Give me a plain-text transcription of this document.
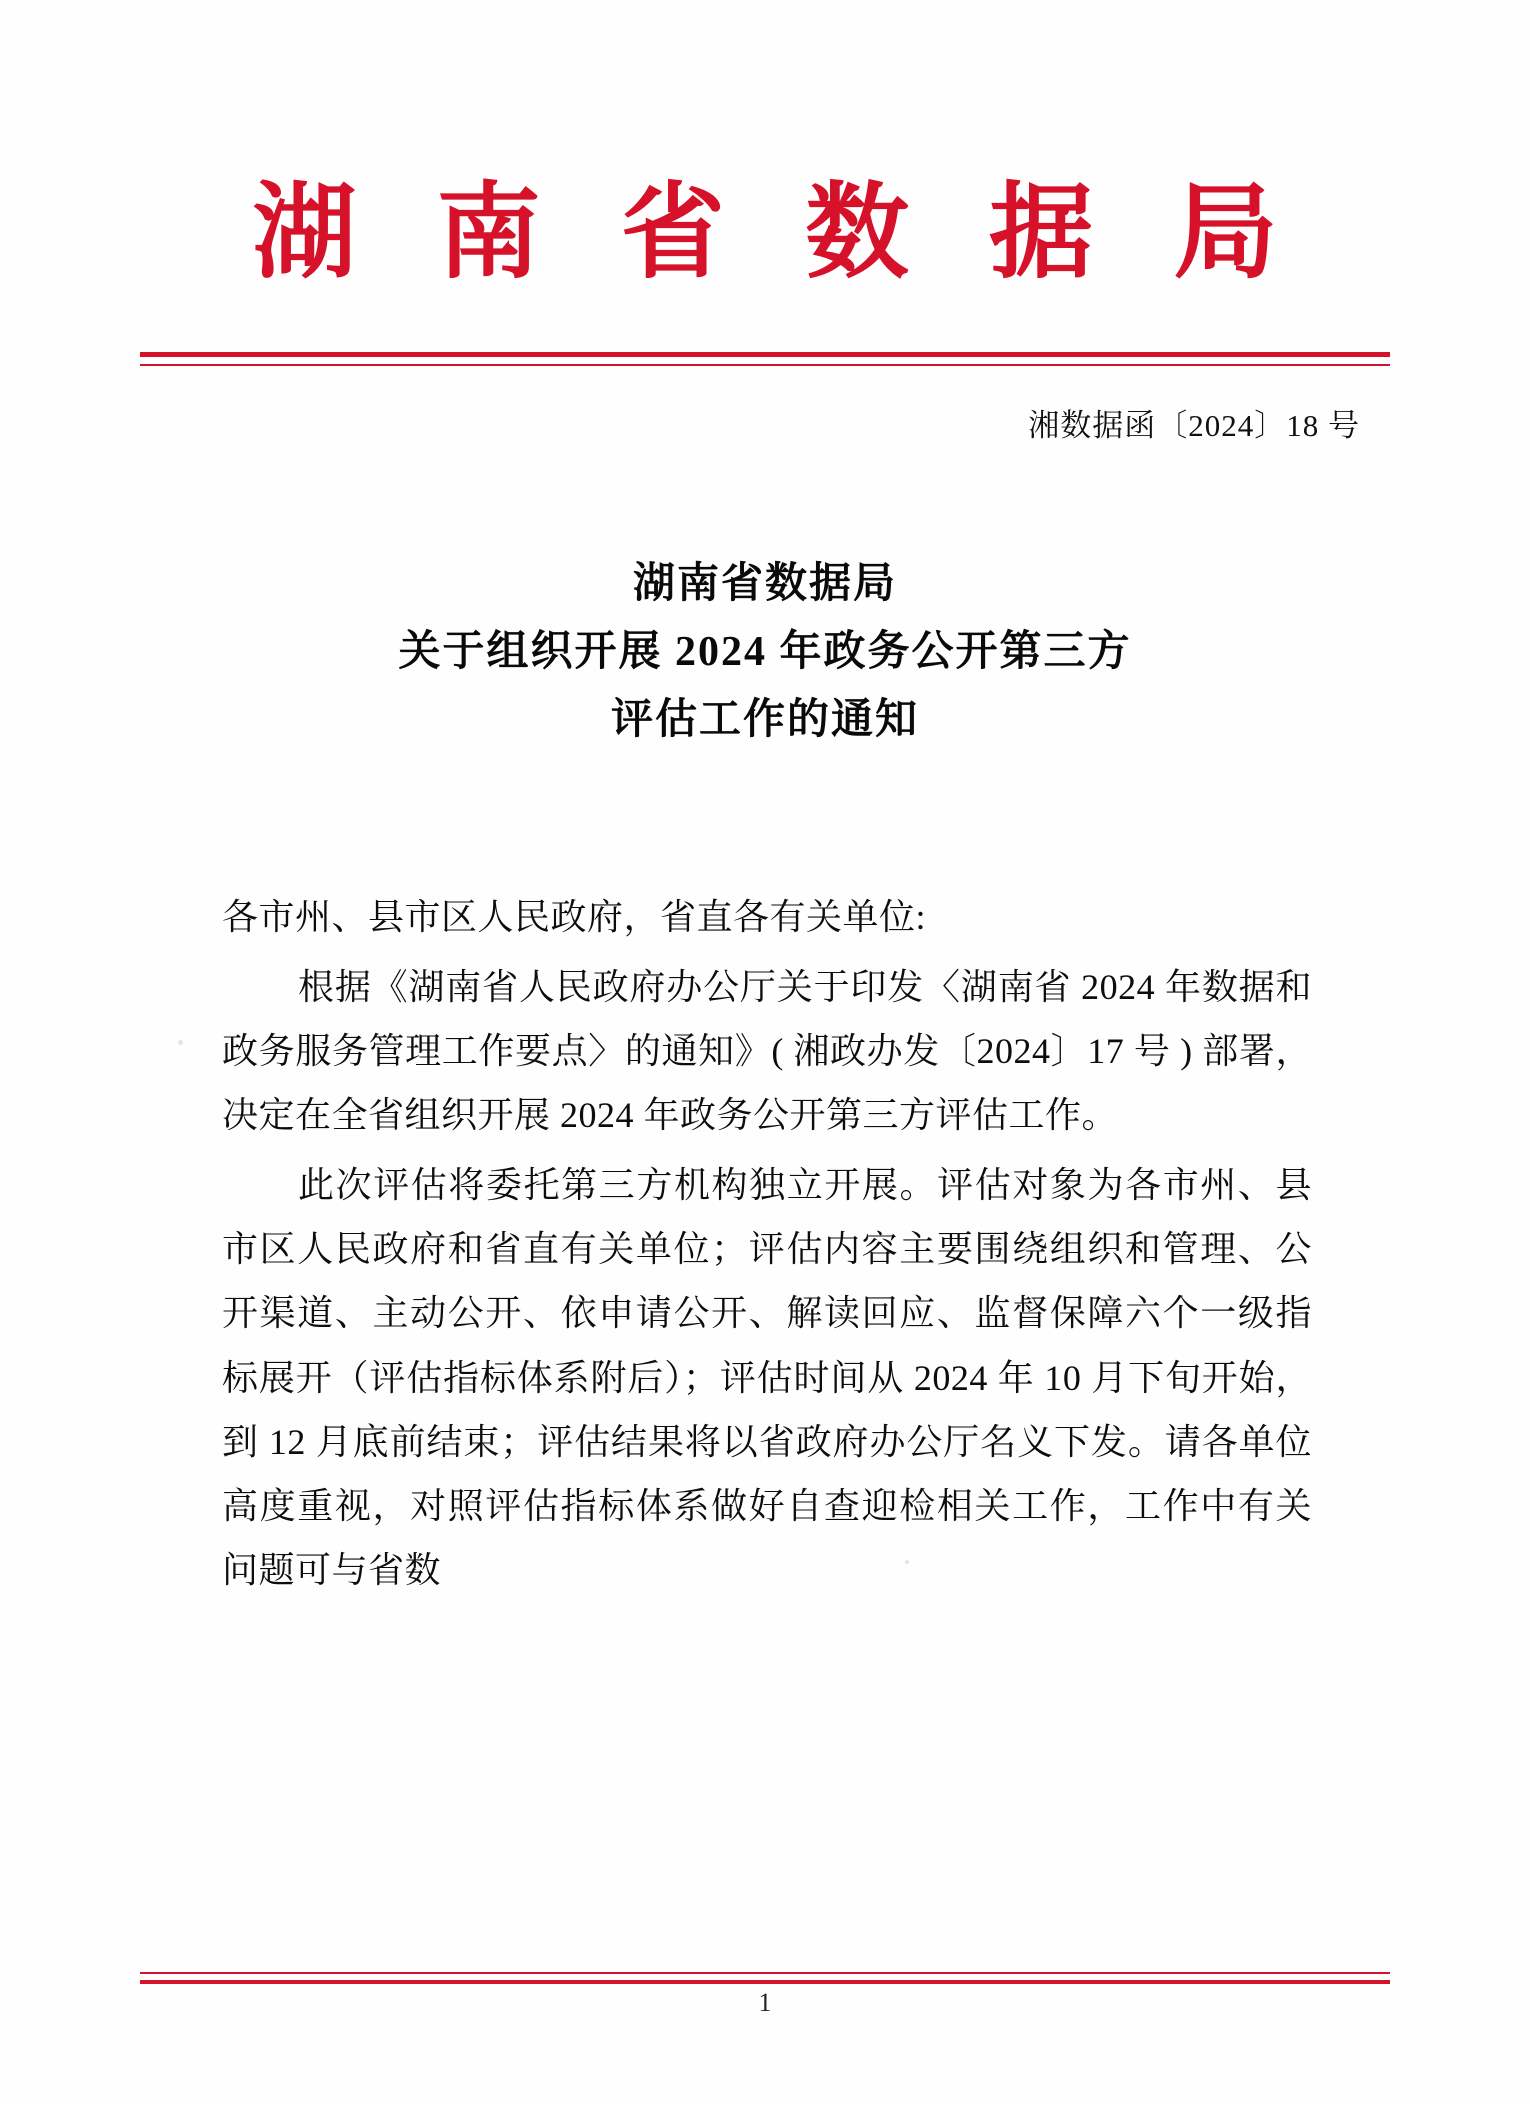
湖 南 省 数 据 局
湘数据函〔2024〕18 号
湖南省数据局
关于组织开展 2024 年政务公开第三方
评估工作的通知

各市州、县市区人民政府，省直各有关单位:

根据《湖南省人民政府办公厅关于印发〈湖南省 2024 年数据和政务服务管理工作要点〉的通知》( 湘政办发〔2024〕17 号 ) 部署，决定在全省组织开展 2024 年政务公开第三方评估工作。

此次评估将委托第三方机构独立开展。评估对象为各市州、县市区人民政府和省直有关单位；评估内容主要围绕组织和管理、公开渠道、主动公开、依申请公开、解读回应、监督保障六个一级指标展开（评估指标体系附后）；评估时间从 2024 年 10 月下旬开始，到 12 月底前结束；评估结果将以省政府办公厅名义下发。请各单位高度重视，对照评估指标体系做好自查迎检相关工作，工作中有关问题可与省数

1
